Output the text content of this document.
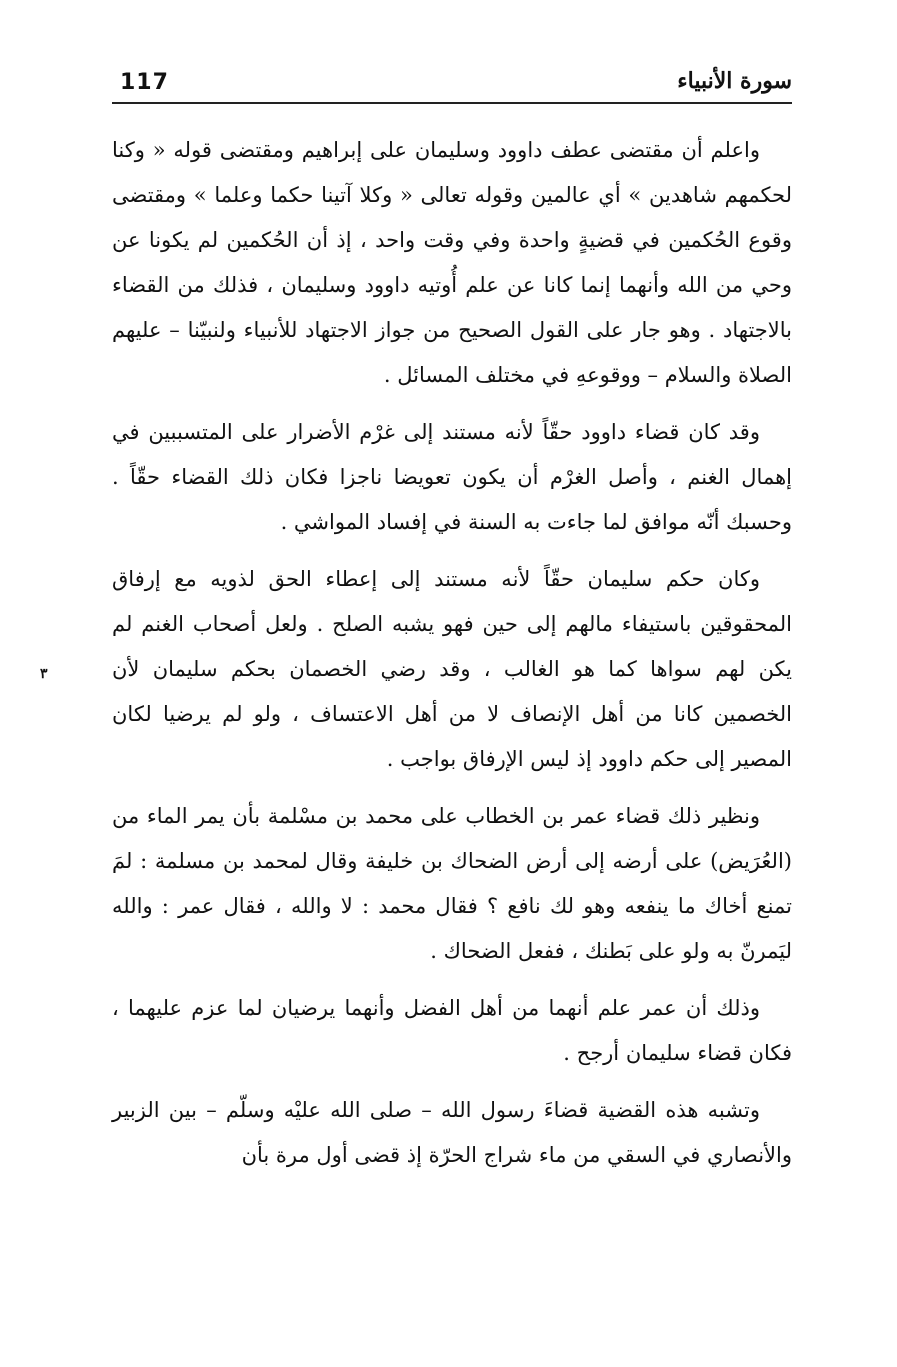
117	سورة الأنبياء
٣

واعلم أن مقتضى عطف داوود وسليمان على إبراهيم ومقتضى قوله « وكنا لحكمهم شاهدين » أي عالمين وقوله تعالى « وكلا آتينا حكما وعلما » ومقتضى وقوع الحُكمين في قضيةٍ واحدة وفي وقت واحد ، إذ أن الحُكمين لم يكونا عن وحي من الله وأنهما إنما كانا عن علم أُوتيه داوود وسليمان ، فذلك من القضاء بالاجتهاد . وهو جار على القول الصحيح من جواز الاجتهاد للأنبياء ولنبيّنا – عليهم الصلاة والسلام – ووقوعهِ في مختلف المسائل .

وقد كان قضاء داوود حقّاً لأنه مستند إلى غرْم الأضرار على المتسببين في إهمال الغنم ، وأصل الغرْم أن يكون تعويضا ناجزا فكان ذلك القضاء حقّاً . وحسبك أنّه موافق لما جاءت به السنة في إفساد المواشي .

وكان حكم سليمان حقّاً لأنه مستند إلى إعطاء الحق لذويه مع إرفاق المحقوقين باستيفاء مالهم إلى حين فهو يشبه الصلح . ولعل أصحاب الغنم لم يكن لهم سواها كما هو الغالب ، وقد رضي الخصمان بحكم سليمان لأن الخصمين كانا من أهل الإنصاف لا من أهل الاعتساف ، ولو لم يرضيا لكان المصير إلى حكم داوود إذ ليس الإرفاق بواجب .

ونظير ذلك قضاء عمر بن الخطاب على محمد بن مسْلمة بأن يمر الماء من (العُرَيض) على أرضه إلى أرض الضحاك بن خليفة وقال لمحمد بن مسلمة : لمَ تمنع أخاك ما ينفعه وهو لك نافع ؟ فقال محمد : لا والله ، فقال عمر : والله ليَمرنّ به ولو على بَطنك ، ففعل الضحاك .

وذلك أن عمر علم أنهما من أهل الفضل وأنهما يرضيان لما عزم عليهما ، فكان قضاء سليمان أرجح .

وتشبه هذه القضية قضاءَ رسول الله – صلى الله عليْه وسلّم – بين الزبير والأنصاري في السقي من ماء شراج الحرّة إذ قضى أول مرة بأن
